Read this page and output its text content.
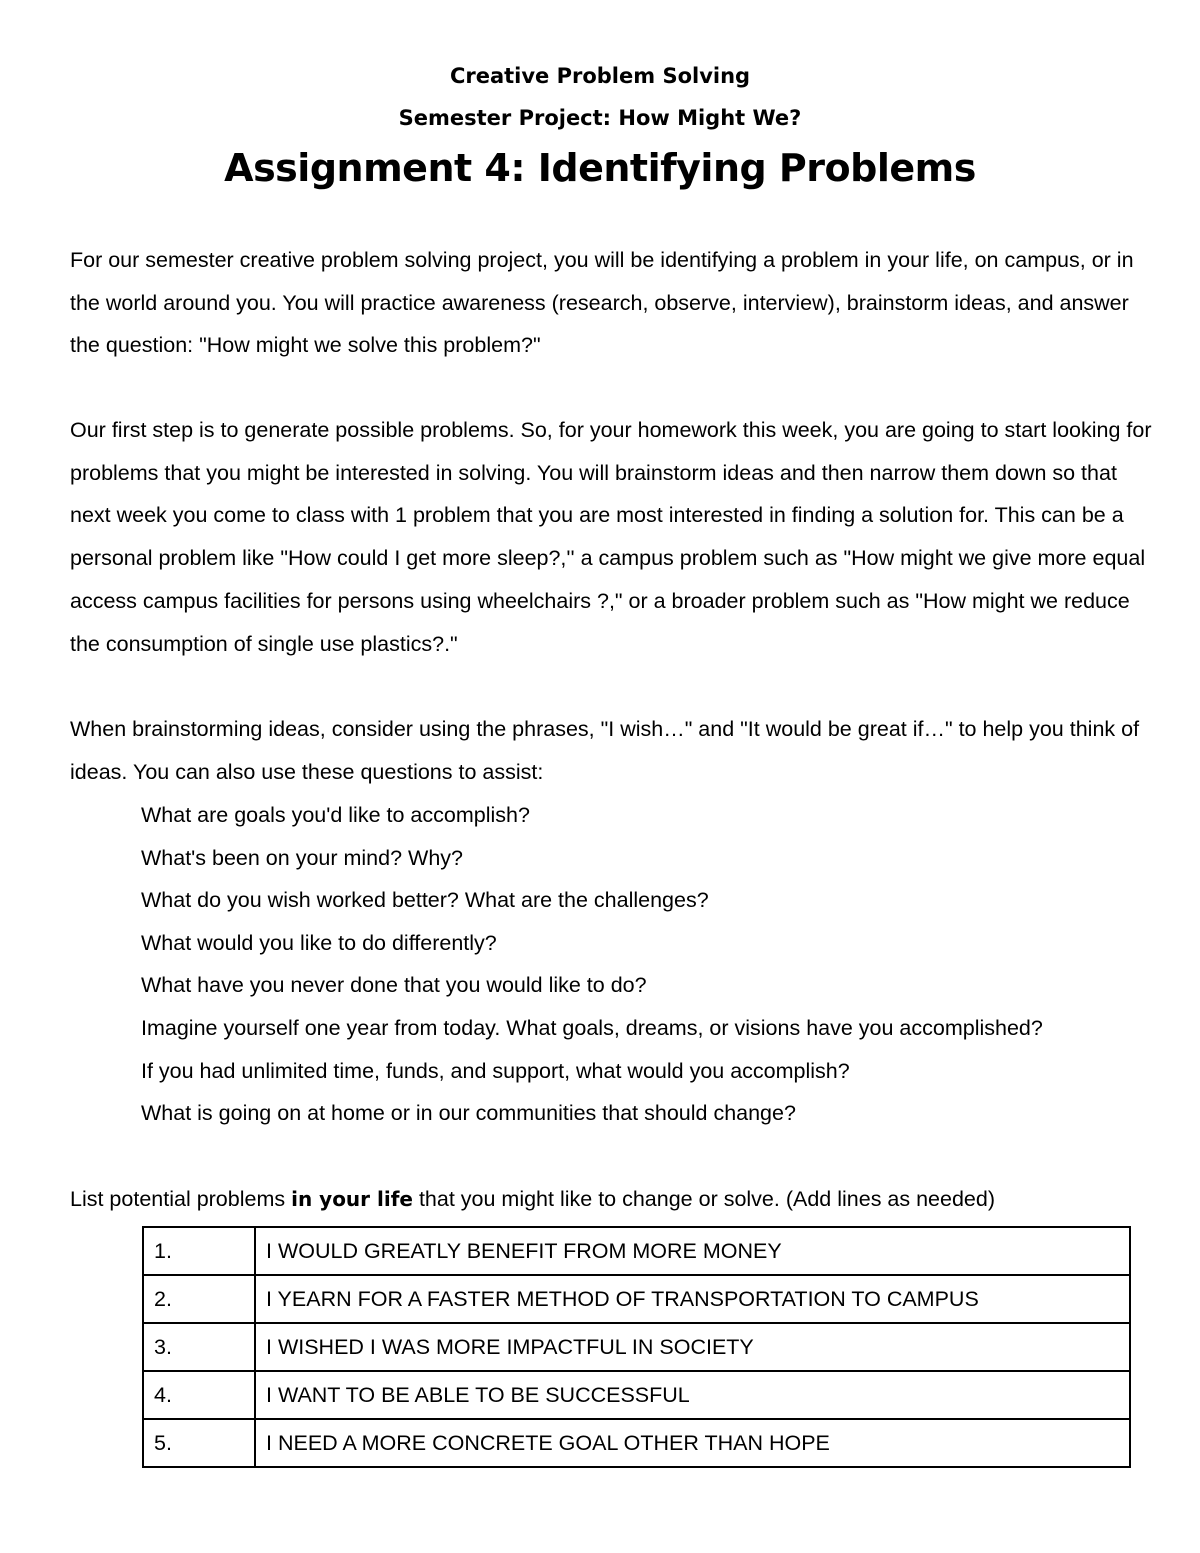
Creative Problem Solving
Semester Project: How Might We?
Assignment 4: Identifying Problems

For our semester creative problem solving project, you will be identifying a problem in your life, on campus, or in the world around you. You will practice awareness (research, observe, interview), brainstorm ideas, and answer the question: "How might we solve this problem?"

Our first step is to generate possible problems. So, for your homework this week, you are going to start looking for problems that you might be interested in solving. You will brainstorm ideas and then narrow them down so that next week you come to class with 1 problem that you are most interested in finding a solution for. This can be a personal problem like "How could I get more sleep?,'' a campus problem such as "How might we give more equal access campus facilities for persons using wheelchairs ?," or a broader problem such as "How might we reduce the consumption of single use plastics?."

When brainstorming ideas, consider using the phrases, "I wish…" and "It would be great if…" to help you think of ideas. You can also use these questions to assist:

What are goals you'd like to accomplish?
What's been on your mind? Why?
What do you wish worked better? What are the challenges?
What would you like to do differently?
What have you never done that you would like to do?
Imagine yourself one year from today. What goals, dreams, or visions have you accomplished?
If you had unlimited time, funds, and support, what would you accomplish?
What is going on at home or in our communities that should change?
List potential problems in your life that you might like to change or solve. (Add lines as needed)
1.	I WOULD GREATLY BENEFIT FROM MORE MONEY
2.	I YEARN FOR A FASTER METHOD OF TRANSPORTATION TO CAMPUS
3.	I WISHED I WAS MORE IMPACTFUL IN SOCIETY
4.	I WANT TO BE ABLE TO BE SUCCESSFUL
5.	I NEED A MORE CONCRETE GOAL OTHER THAN HOPE
